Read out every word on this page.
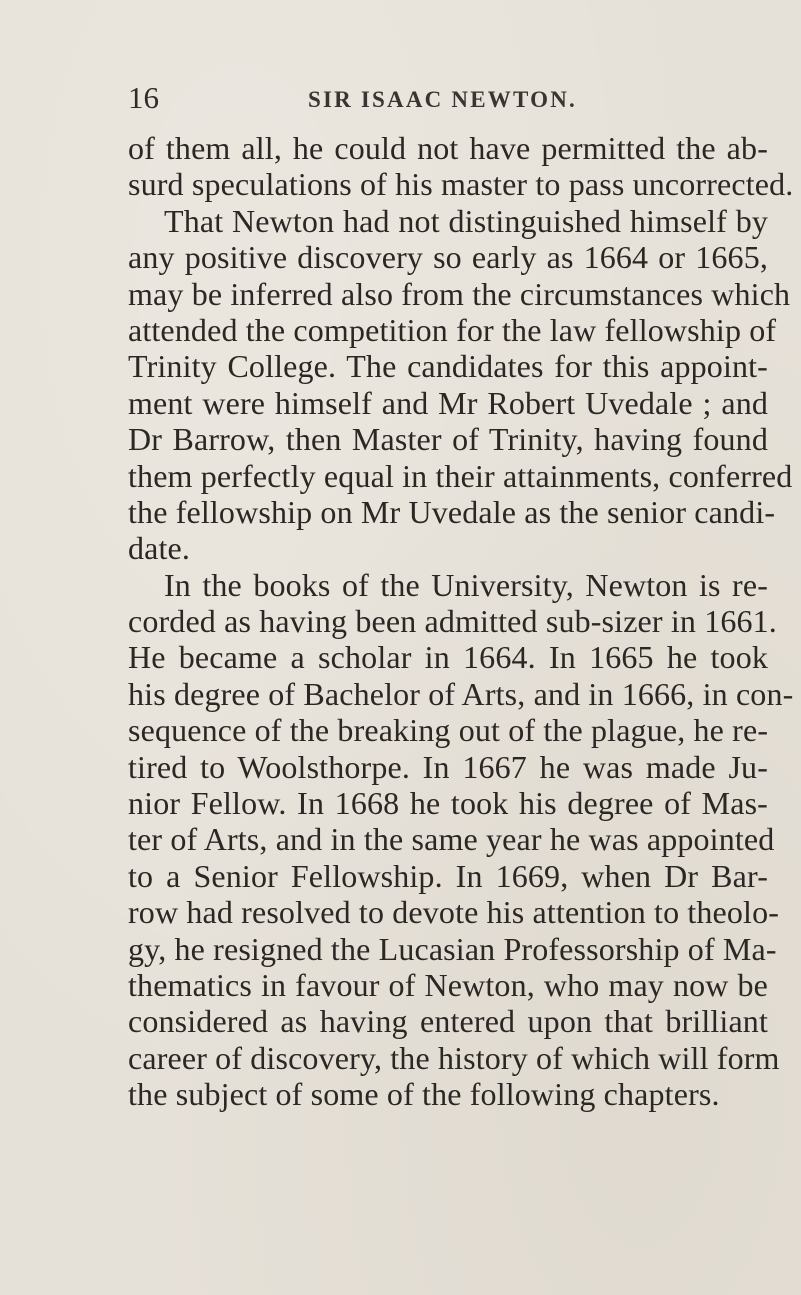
16	SIR ISAAC NEWTON.
of them all, he could not have permitted the ab-
surd speculations of his master to pass uncorrected.
That Newton had not distinguished himself by
any positive discovery so early as 1664 or 1665,
may be inferred also from the circumstances which
attended the competition for the law fellowship of
Trinity College. The candidates for this appoint-
ment were himself and Mr Robert Uvedale ; and
Dr Barrow, then Master of Trinity, having found
them perfectly equal in their attainments, conferred
the fellowship on Mr Uvedale as the senior candi-
date.
In the books of the University, Newton is re-
corded as having been admitted sub-sizer in 1661.
He became a scholar in 1664. In 1665 he took
his degree of Bachelor of Arts, and in 1666, in con-
sequence of the breaking out of the plague, he re-
tired to Woolsthorpe. In 1667 he was made Ju-
nior Fellow. In 1668 he took his degree of Mas-
ter of Arts, and in the same year he was appointed
to a Senior Fellowship. In 1669, when Dr Bar-
row had resolved to devote his attention to theolo-
gy, he resigned the Lucasian Professorship of Ma-
thematics in favour of Newton, who may now be
considered as having entered upon that brilliant
career of discovery, the history of which will form
the subject of some of the following chapters.
